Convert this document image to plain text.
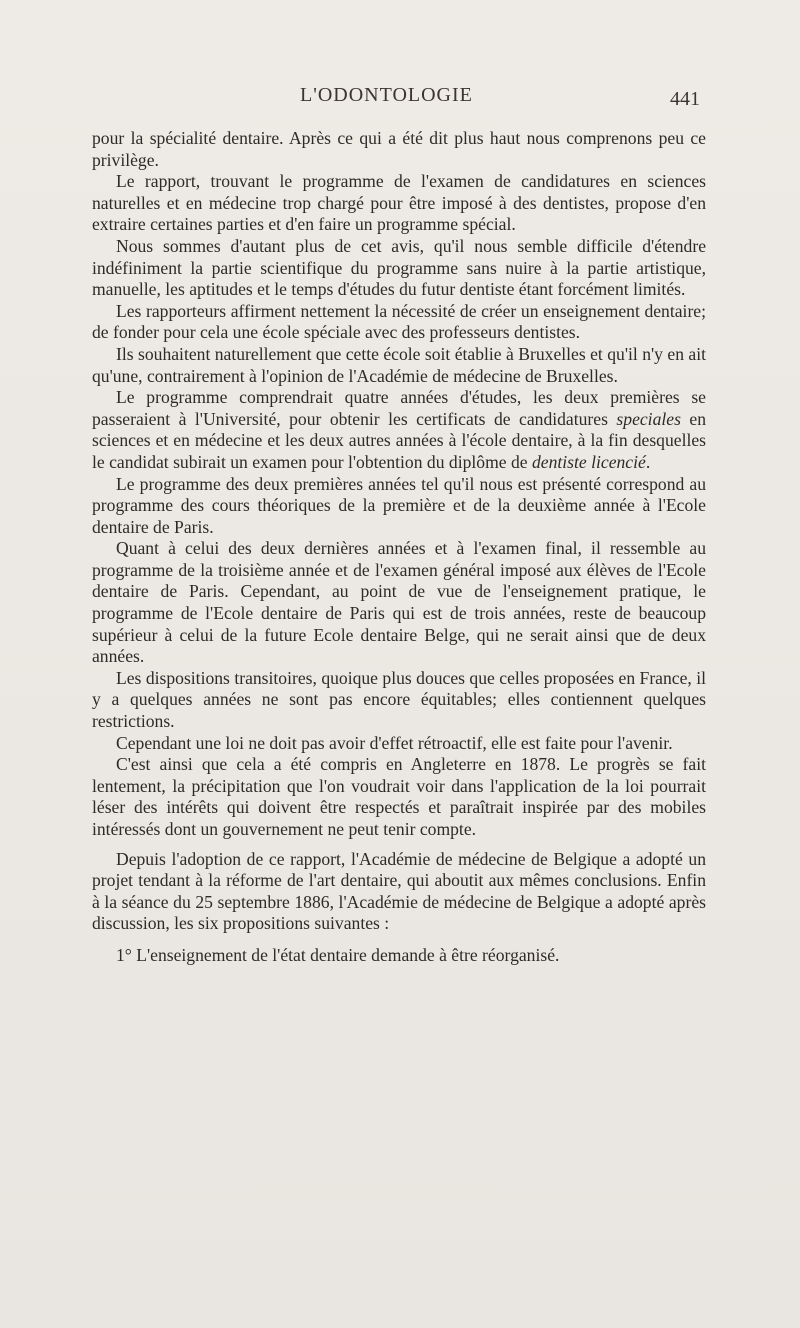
L'ODONTOLOGIE	441

pour la spécialité dentaire. Après ce qui a été dit plus haut nous comprenons peu ce privilège.

Le rapport, trouvant le programme de l'examen de candidatures en sciences naturelles et en médecine trop chargé pour être imposé à des dentistes, propose d'en extraire certaines parties et d'en faire un programme spécial.

Nous sommes d'autant plus de cet avis, qu'il nous semble difficile d'étendre indéfiniment la partie scientifique du programme sans nuire à la partie artistique, manuelle, les aptitudes et le temps d'études du futur dentiste étant forcément limités.

Les rapporteurs affirment nettement la nécessité de créer un enseignement dentaire; de fonder pour cela une école spéciale avec des professeurs dentistes.

Ils souhaitent naturellement que cette école soit établie à Bruxelles et qu'il n'y en ait qu'une, contrairement à l'opinion de l'Académie de médecine de Bruxelles.

Le programme comprendrait quatre années d'études, les deux premières se passeraient à l'Université, pour obtenir les certificats de candidatures speciales en sciences et en médecine et les deux autres années à l'école dentaire, à la fin desquelles le candidat subirait un examen pour l'obtention du diplôme de dentiste licencié.

Le programme des deux premières années tel qu'il nous est présenté correspond au programme des cours théoriques de la première et de la deuxième année à l'Ecole dentaire de Paris.

Quant à celui des deux dernières années et à l'examen final, il ressemble au programme de la troisième année et de l'examen général imposé aux élèves de l'Ecole dentaire de Paris. Cependant, au point de vue de l'enseignement pratique, le programme de l'Ecole dentaire de Paris qui est de trois années, reste de beaucoup supérieur à celui de la future Ecole dentaire Belge, qui ne serait ainsi que de deux années.

Les dispositions transitoires, quoique plus douces que celles proposées en France, il y a quelques années ne sont pas encore équitables; elles contiennent quelques restrictions.

Cependant une loi ne doit pas avoir d'effet rétroactif, elle est faite pour l'avenir.

C'est ainsi que cela a été compris en Angleterre en 1878. Le progrès se fait lentement, la précipitation que l'on voudrait voir dans l'application de la loi pourrait léser des intérêts qui doivent être respectés et paraîtrait inspirée par des mobiles intéressés dont un gouvernement ne peut tenir compte.

Depuis l'adoption de ce rapport, l'Académie de médecine de Belgique a adopté un projet tendant à la réforme de l'art dentaire, qui aboutit aux mêmes conclusions. Enfin à la séance du 25 septembre 1886, l'Académie de médecine de Belgique a adopté après discussion, les six propositions suivantes :

1° L'enseignement de l'état dentaire demande à être réorganisé.
